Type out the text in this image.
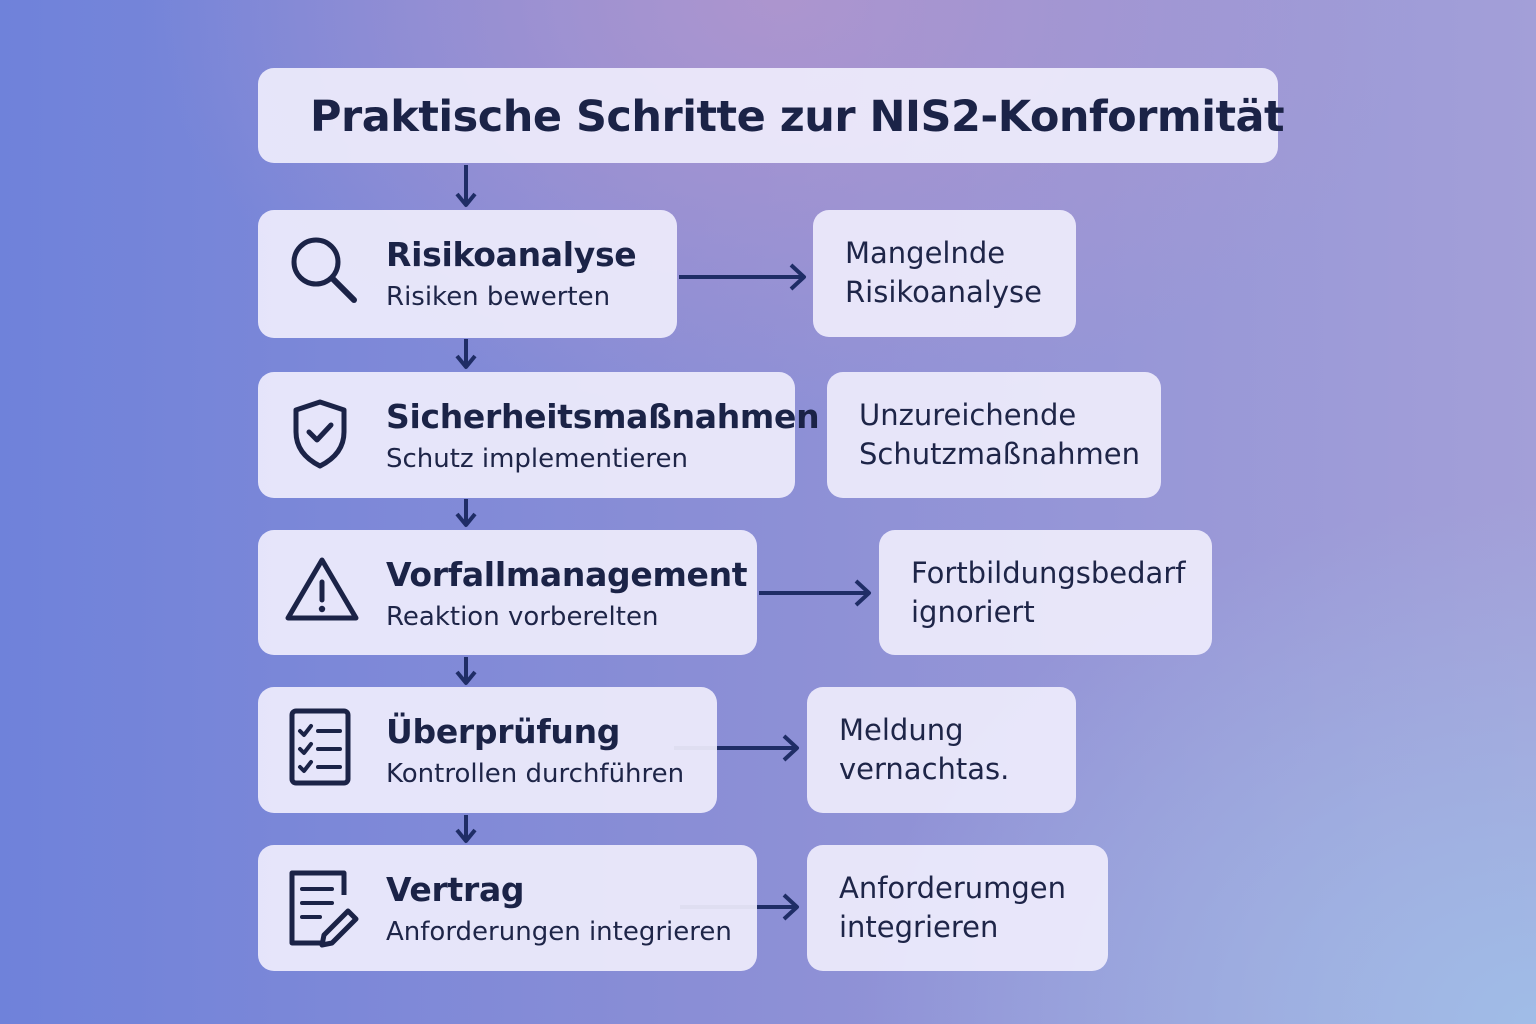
Praktische Schritte zur NIS2-Konformität
Risikoanalyse
Risiken bewerten
Sicherheitsmaßnahmen
Schutz implementieren
Vorfallmanagement
Reaktion vorberelten
Überprüfung
Kontrollen durchführen
Vertrag
Anforderungen integrieren
Mangelnde
Risikoanalyse
Unzureichende
Schutzmaßnahmen
Fortbildungsbedarf
ignoriert
Meldung
vernachtas.
Anforderumgen
integrieren
